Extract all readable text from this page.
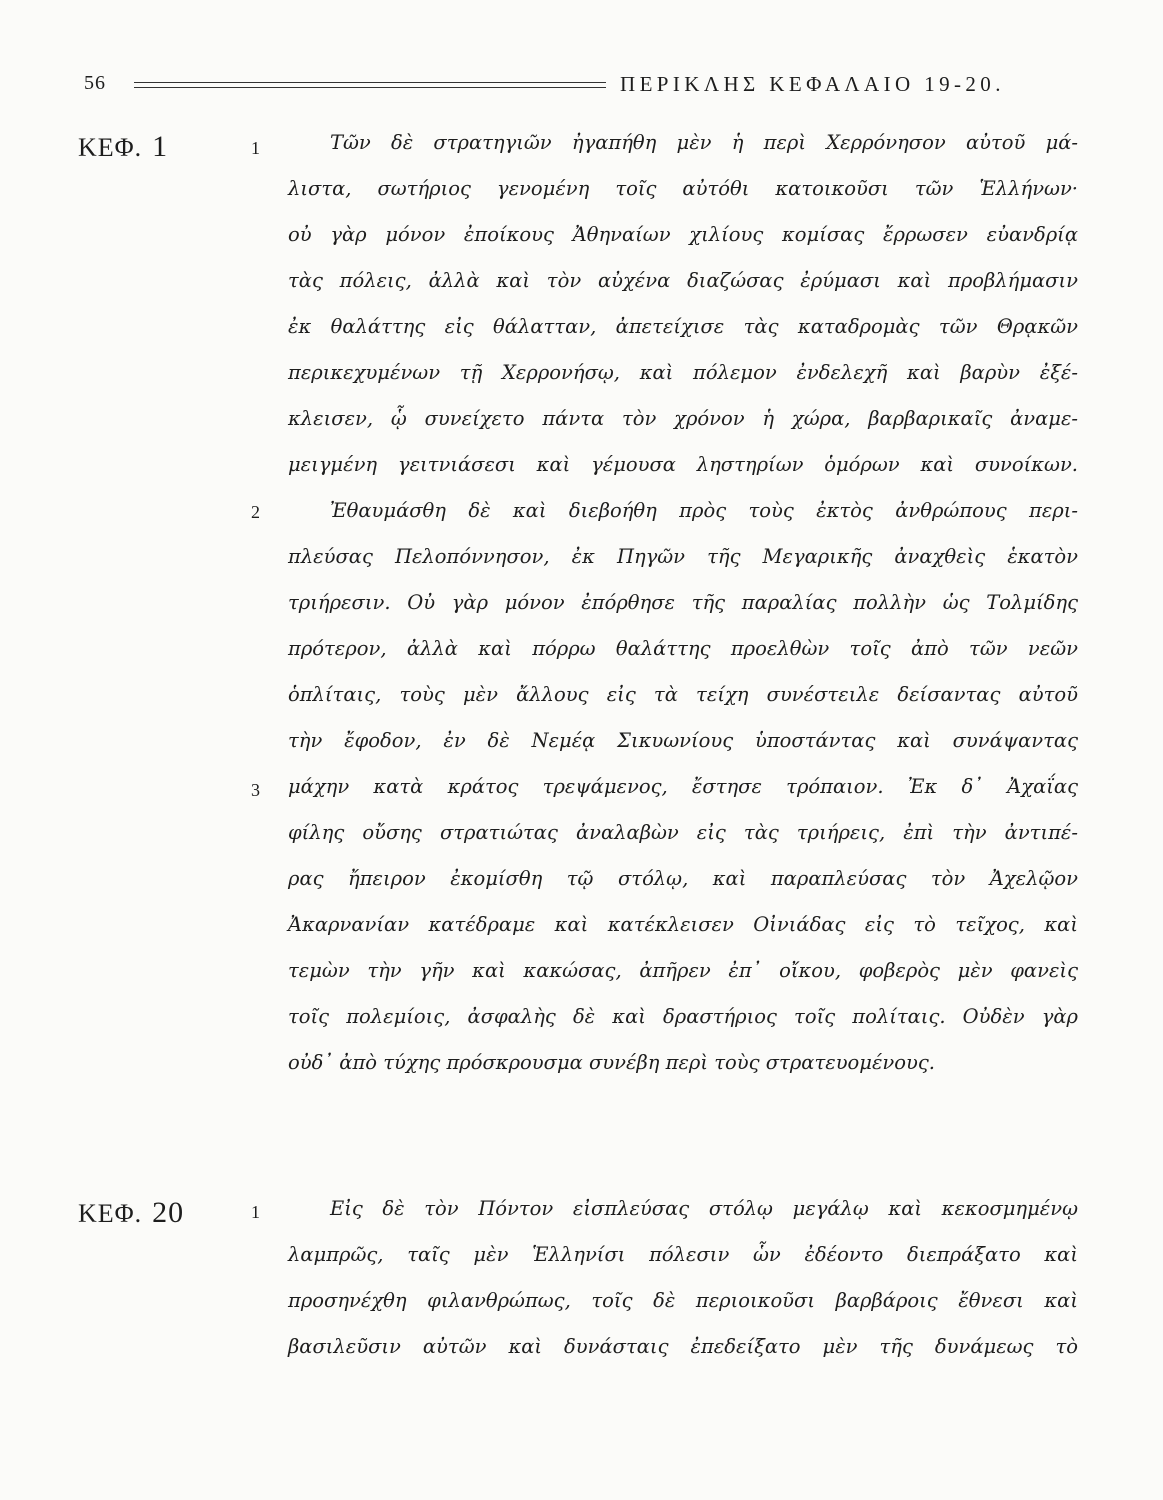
56	ΠΕΡΙΚΛΗΣ ΚΕΦΑΛΑΙΟ 19-20.
ΚΕΦ. 1	1
2
3
Τῶν δὲ στρατηγιῶν ἠγαπήθη μὲν ἡ περὶ Χερρόνησον αὐτοῦ μά-
λιστα, σωτήριος γενομένη τοῖς αὐτόθι κατοικοῦσι τῶν Ἑλλήνων·
οὐ γὰρ μόνον ἐποίκους Ἀθηναίων χιλίους κομίσας ἔρρωσεν εὐανδρίᾳ
τὰς πόλεις, ἀλλὰ καὶ τὸν αὐχένα διαζώσας ἐρύμασι καὶ προβλήμασιν
ἐκ θαλάττης εἰς θάλατταν, ἀπετείχισε τὰς καταδρομὰς τῶν Θρᾳκῶν
περικεχυμένων τῇ Χερρονήσῳ, καὶ πόλεμον ἐνδελεχῆ καὶ βαρὺν ἐξέ-
κλεισεν, ᾧ συνείχετο πάντα τὸν χρόνον ἡ χώρα, βαρβαρικαῖς ἀναμε-
μειγμένη γειτνιάσεσι καὶ γέμουσα ληστηρίων ὁμόρων καὶ συνοίκων.
Ἐθαυμάσθη δὲ καὶ διεβοήθη πρὸς τοὺς ἐκτὸς ἀνθρώπους περι-
πλεύσας Πελοπόννησον, ἐκ Πηγῶν τῆς Μεγαρικῆς ἀναχθεὶς ἑκατὸν
τριήρεσιν. Οὐ γὰρ μόνον ἐπόρθησε τῆς παραλίας πολλὴν ὡς Τολμίδης
πρότερον, ἀλλὰ καὶ πόρρω θαλάττης προελθὼν τοῖς ἀπὸ τῶν νεῶν
ὁπλίταις, τοὺς μὲν ἄλλους εἰς τὰ τείχη συνέστειλε δείσαντας αὐτοῦ
τὴν ἔφοδον, ἐν δὲ Νεμέᾳ Σικυωνίους ὑποστάντας καὶ συνάψαντας
μάχην κατὰ κράτος τρεψάμενος, ἔστησε τρόπαιον. Ἐκ δ᾽ Ἀχαΐας
φίλης οὔσης στρατιώτας ἀναλαβὼν εἰς τὰς τριήρεις, ἐπὶ τὴν ἀντιπέ-
ρας ἤπειρον ἐκομίσθη τῷ στόλῳ, καὶ παραπλεύσας τὸν Ἀχελῷον
Ἀκαρνανίαν κατέδραμε καὶ κατέκλεισεν Οἰνιάδας εἰς τὸ τεῖχος, καὶ
τεμὼν τὴν γῆν καὶ κακώσας, ἀπῆρεν ἐπ᾽ οἴκου, φοβερὸς μὲν φανεὶς
τοῖς πολεμίοις, ἀσφαλὴς δὲ καὶ δραστήριος τοῖς πολίταις. Οὐδὲν γὰρ
οὐδ᾽ ἀπὸ τύχης πρόσκρουσμα συνέβη περὶ τοὺς στρατευομένους.
ΚΕΦ. 20	1	Εἰς δὲ τὸν Πόντον εἰσπλεύσας στόλῳ μεγάλῳ καὶ κεκοσμημένῳ
λαμπρῶς, ταῖς μὲν Ἑλληνίσι πόλεσιν ὧν ἐδέοντο διεπράξατο καὶ
προσηνέχθη φιλανθρώπως, τοῖς δὲ περιοικοῦσι βαρβάροις ἔθνεσι καὶ
βασιλεῦσιν αὐτῶν καὶ δυνάσταις ἐπεδείξατο μὲν τῆς δυνάμεως τὸ
